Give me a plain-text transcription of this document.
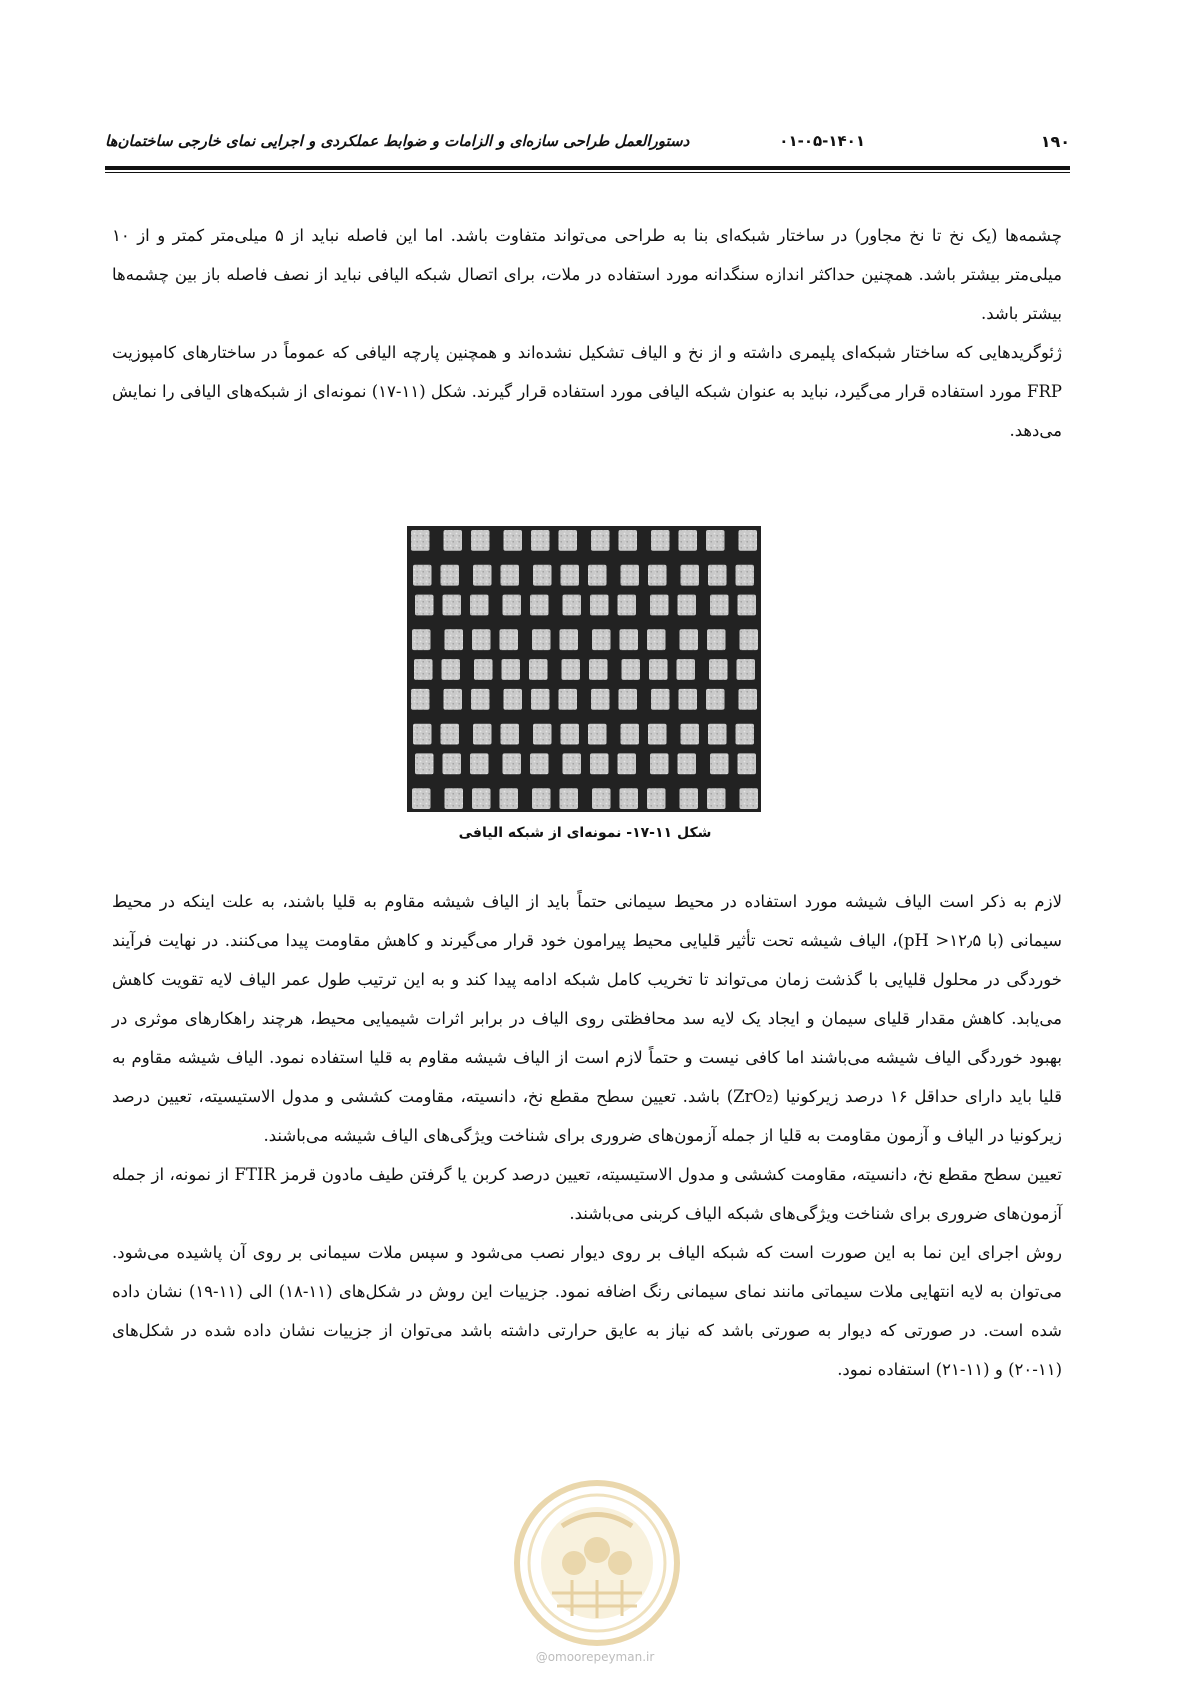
۱۹۰
۰۱-۰۵-۱۴۰۱
دستورالعمل طراحی سازه‌ای و الزامات و ضوابط عملکردی و اجرایی نمای خارجی ساختمان‌ها

چشمه‌ها (یک نخ تا نخ مجاور) در ساختار شبکه‌ای بنا به طراحی می‌تواند متفاوت باشد. اما این فاصله نباید از ۵ میلی‌متر کمتر و از ۱۰ میلی‌متر بیشتر باشد. همچنین حداکثر اندازه سنگدانه مورد استفاده در ملات، برای اتصال شبکه الیافی نباید از نصف فاصله باز بین چشمه‌ها بیشتر باشد.

ژئوگریدهایی که ساختار شبکه‌ای پلیمری داشته و از نخ و الیاف تشکیل نشده‌اند و همچنین پارچه الیافی که عموماً در ساختارهای کامپوزیت FRP مورد استفاده قرار می‌گیرد، نباید به عنوان شبکه الیافی مورد استفاده قرار گیرند. شکل (۱۱-۱۷) نمونه‌ای از شبکه‌های الیافی را نمایش می‌دهد.

شکل ۱۱-۱۷- نمونه‌ای از شبکه الیافی

لازم به ذکر است الیاف شیشه مورد استفاده در محیط سیمانی حتماً باید از الیاف شیشه مقاوم به قلیا باشند، به علت اینکه در محیط سیمانی (با pH >۱۲٫۵)، الیاف شیشه تحت تأثیر قلیایی محیط پیرامون خود قرار می‌گیرند و کاهش مقاومت پیدا می‌کنند. در نهایت فرآیند خوردگی در محلول قلیایی با گذشت زمان می‌تواند تا تخریب کامل شبکه ادامه پیدا کند و به این ترتیب طول عمر الیاف لایه تقویت کاهش می‌یابد. کاهش مقدار قلیای سیمان و ایجاد یک لایه سد محافظتی روی الیاف در برابر اثرات شیمیایی محیط، هرچند راهکارهای موثری در بهبود خوردگی الیاف شیشه می‌باشند اما کافی نیست و حتماً لازم است از الیاف شیشه مقاوم به قلیا استفاده نمود. الیاف شیشه مقاوم به قلیا باید دارای حداقل ۱۶ درصد زیرکونیا (ZrO₂) باشد. تعیین سطح مقطع نخ، دانسیته، مقاومت کششی و مدول الاستیسیته، تعیین درصد زیرکونیا در الیاف و آزمون مقاومت به قلیا از جمله آزمون‌های ضروری برای شناخت ویژگی‌های الیاف شیشه می‌باشند.

تعیین سطح مقطع نخ، دانسیته، مقاومت کششی و مدول الاستیسیته، تعیین درصد کربن یا گرفتن طیف مادون قرمز FTIR از نمونه، از جمله آزمون‌های ضروری برای شناخت ویژگی‌های شبکه الیاف کربنی می‌باشند.

روش اجرای این نما به این صورت است که شبکه الیاف بر روی دیوار نصب می‌شود و سپس ملات سیمانی بر روی آن پاشیده می‌شود. می‌توان به لایه انتهایی ملات سیماتی مانند نمای سیمانی رنگ اضافه نمود. جزییات این روش در شکل‌های (۱۱-۱۸) الی (۱۱-۱۹) نشان داده شده است. در صورتی که دیوار به صورتی باشد که نیاز به عایق حرارتی داشته باشد می‌توان از جزییات نشان داده شده در شکل‌های (۱۱-۲۰) و (۱۱-۲۱) استفاده نمود.

@omoorepeyman.ir
